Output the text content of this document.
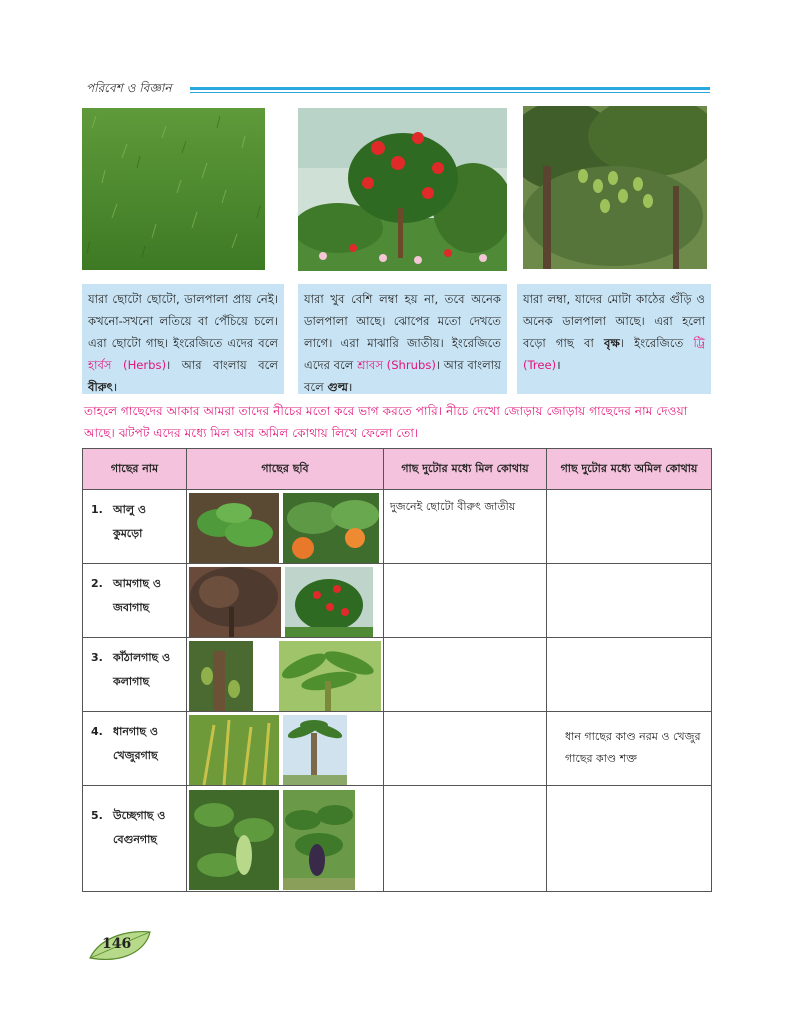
পরিবেশ ও বিজ্ঞান
যারা ছোটো ছোটো, ডালপালা প্রায় নেই। কখনো-সখনো লতিয়ে বা পেঁচিয়ে চলে। এরা ছোটো গাছ। ইংরেজিতে এদের বলে হার্বস (Herbs)। আর বাংলায় বলে বীরুৎ।
যারা খুব বেশি লম্বা হয় না, তবে অনেক ডালপালা আছে। ঝোপের মতো দেখতে লাগে। এরা মাঝারি জাতীয়। ইংরেজিতে এদের বলে শ্রাবস (Shrubs)। আর বাংলায় বলে গুল্ম।
যারা লম্বা, যাদের মোটা কাঠের গুঁড়ি ও অনেক ডালপালা আছে। এরা হলো বড়ো গাছ বা বৃক্ষ। ইংরেজিতে ট্রি (Tree)।
তাহলে গাছেদের আকার আমরা তাদের নীচের মতো করে ভাগ করতে পারি। নীচে দেখো জোড়ায় জোড়ায় গাছেদের নাম দেওয়া আছে। ঝটপট এদের মধ্যে মিল আর অমিল কোথায় লিখে ফেলো তো।
গাছের নাম	গাছের ছবি	গাছ দুটোর মধ্যে মিল কোথায়	গাছ দুটোর মধ্যে অমিল কোথায়

1. আলু ও
কুমড়ো		দুজনেই ছোটো বীরুৎ জাতীয়	

2. আমগাছ ও
জবাগাছ

3. কাঁঠালগাছ ও
কলাগাছ

4. ধানগাছ ও
খেজুরগাছ			ধান গাছের কাণ্ড নরম ও খেজুর গাছের কাণ্ড শক্ত

5. উচ্ছেগাছ ও
বেগুনগাছ

146
